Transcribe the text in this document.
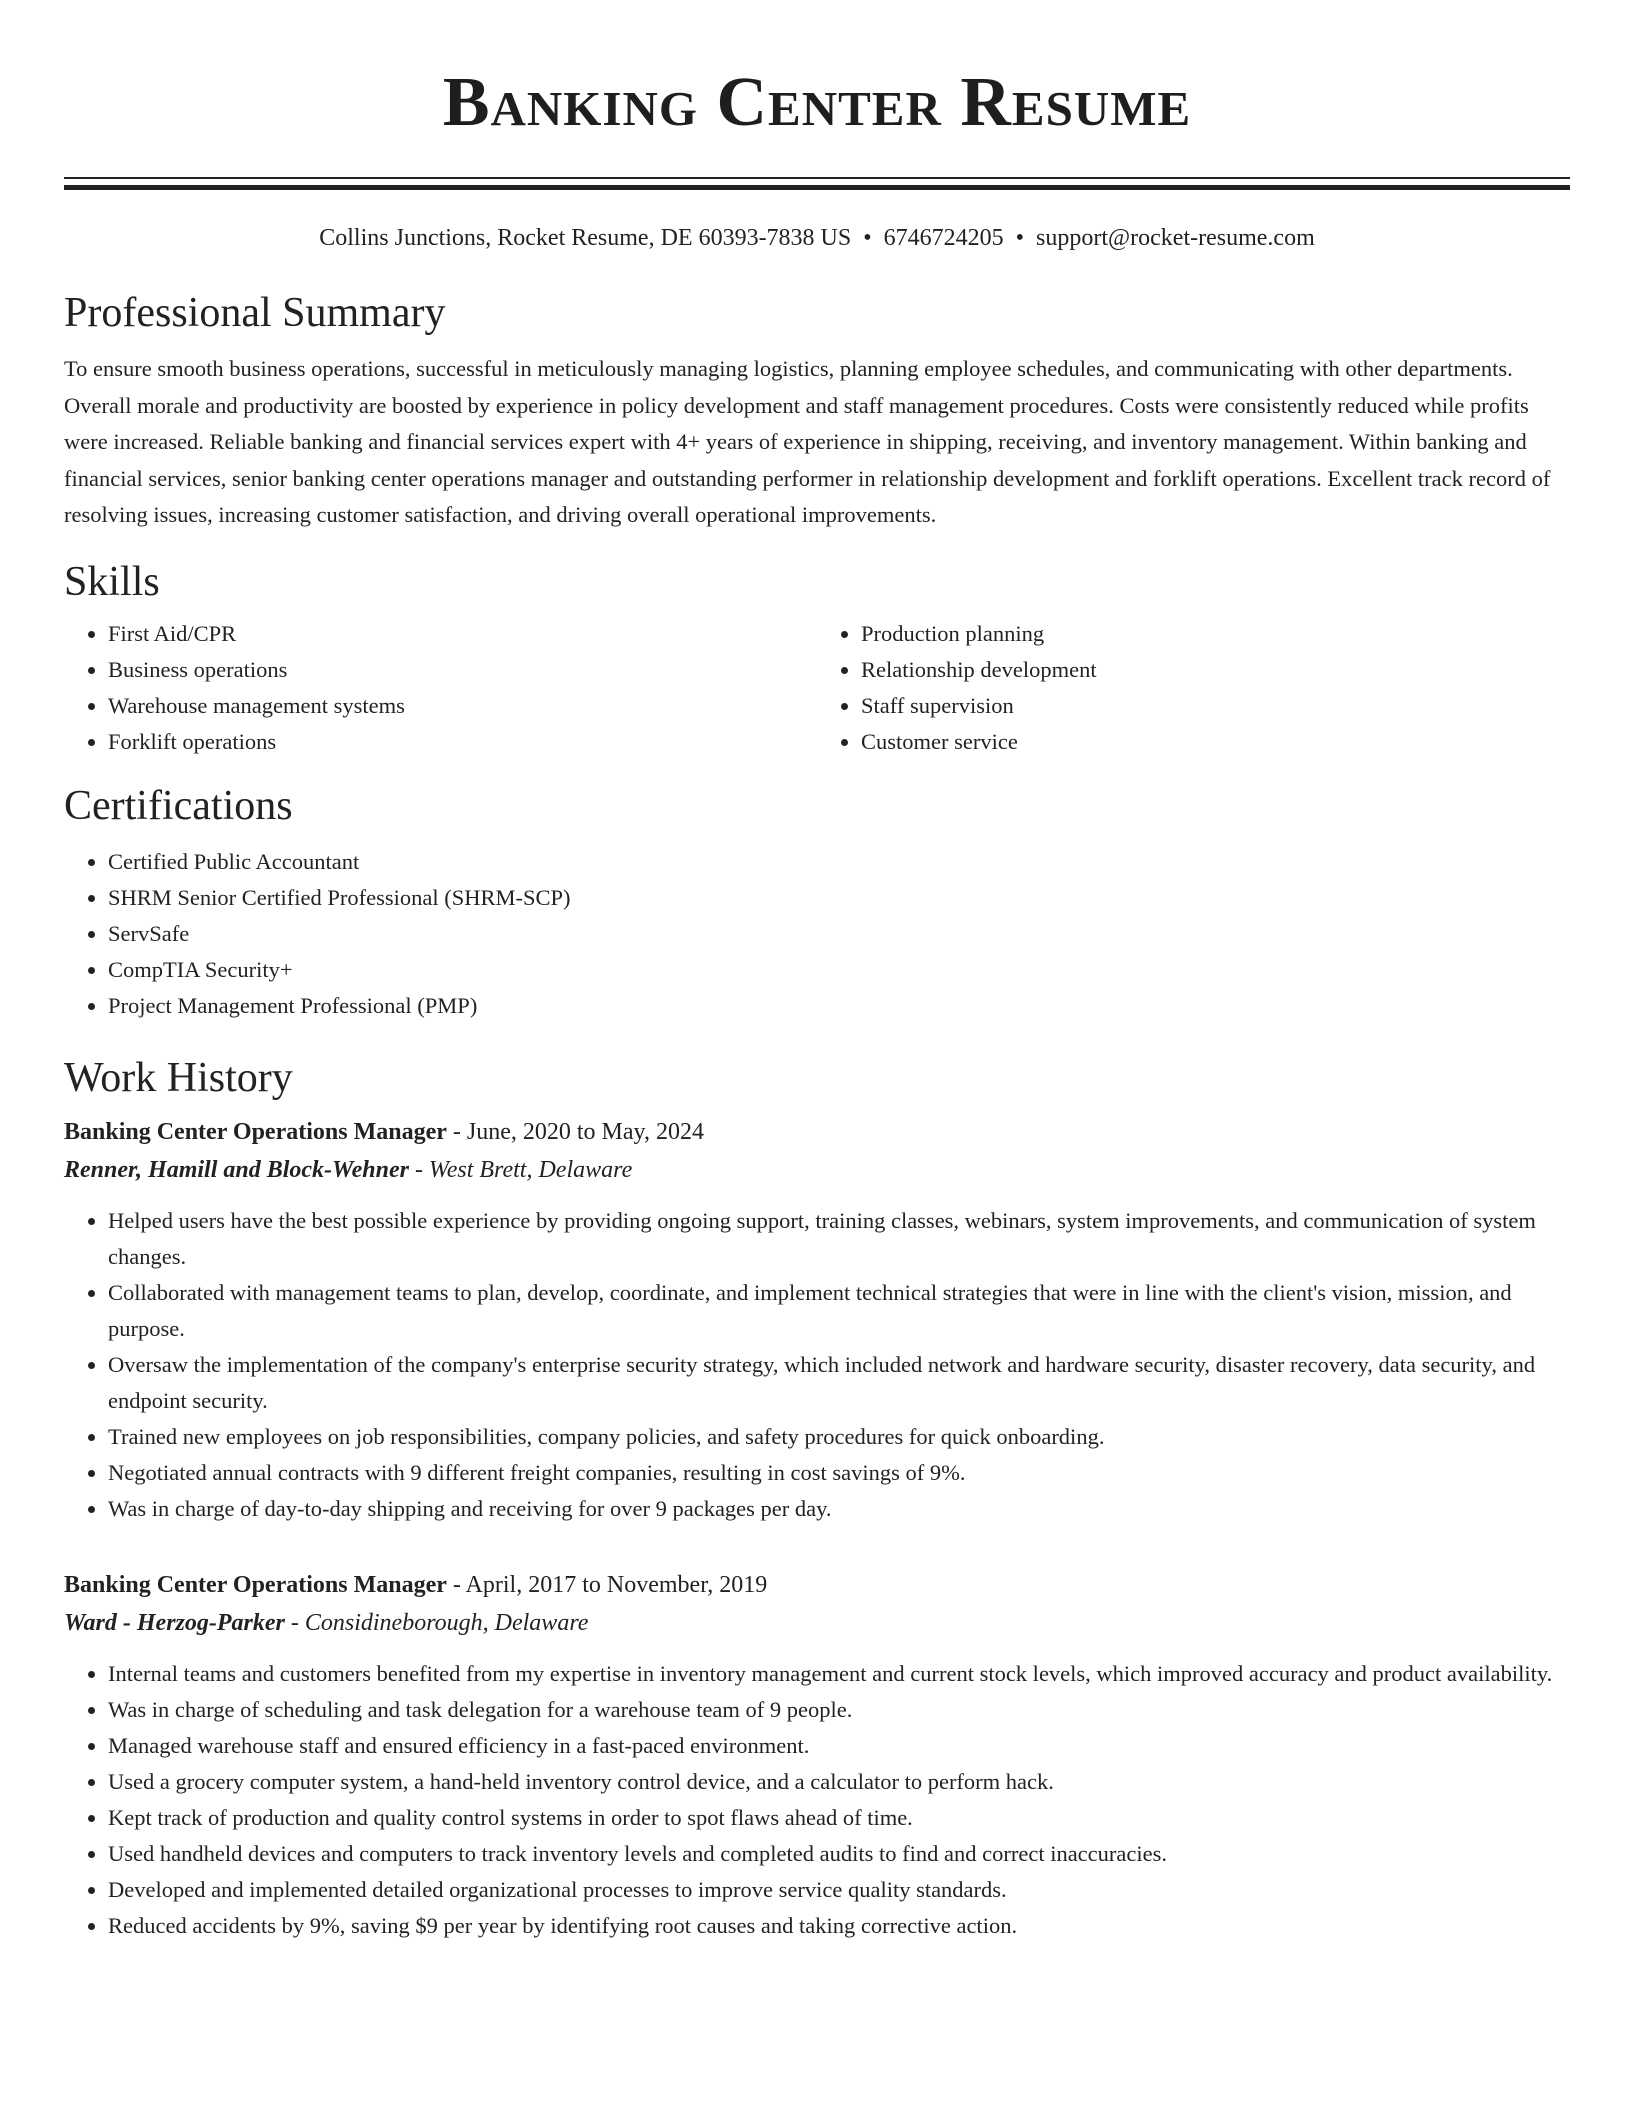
Banking Center Resume
Collins Junctions, Rocket Resume, DE 60393-7838 US • 6746724205 • support@rocket-resume.com
Professional Summary

To ensure smooth business operations, successful in meticulously managing logistics, planning employee schedules, and communicating with other departments. Overall morale and productivity are boosted by experience in policy development and staff management procedures. Costs were consistently reduced while profits were increased. Reliable banking and financial services expert with 4+ years of experience in shipping, receiving, and inventory management. Within banking and financial services, senior banking center operations manager and outstanding performer in relationship development and forklift operations. Excellent track record of resolving issues, increasing customer satisfaction, and driving overall operational improvements.

Skills
• First Aid/CPR
• Business operations
• Warehouse management systems
• Forklift operations
• Production planning
• Relationship development
• Staff supervision
• Customer service
Certifications
• Certified Public Accountant
• SHRM Senior Certified Professional (SHRM-SCP)
• ServSafe
• CompTIA Security+
• Project Management Professional (PMP)
Work History
Banking Center Operations Manager - June, 2020 to May, 2024
Renner, Hamill and Block-Wehner - West Brett, Delaware
• Helped users have the best possible experience by providing ongoing support, training classes, webinars, system improvements, and communication of system changes.
• Collaborated with management teams to plan, develop, coordinate, and implement technical strategies that were in line with the client's vision, mission, and purpose.
• Oversaw the implementation of the company's enterprise security strategy, which included network and hardware security, disaster recovery, data security, and endpoint security.
• Trained new employees on job responsibilities, company policies, and safety procedures for quick onboarding.
• Negotiated annual contracts with 9 different freight companies, resulting in cost savings of 9%.
• Was in charge of day-to-day shipping and receiving for over 9 packages per day.
Banking Center Operations Manager - April, 2017 to November, 2019
Ward - Herzog-Parker - Considineborough, Delaware
• Internal teams and customers benefited from my expertise in inventory management and current stock levels, which improved accuracy and product availability.
• Was in charge of scheduling and task delegation for a warehouse team of 9 people.
• Managed warehouse staff and ensured efficiency in a fast-paced environment.
• Used a grocery computer system, a hand-held inventory control device, and a calculator to perform hack.
• Kept track of production and quality control systems in order to spot flaws ahead of time.
• Used handheld devices and computers to track inventory levels and completed audits to find and correct inaccuracies.
• Developed and implemented detailed organizational processes to improve service quality standards.
• Reduced accidents by 9%, saving $9 per year by identifying root causes and taking corrective action.
